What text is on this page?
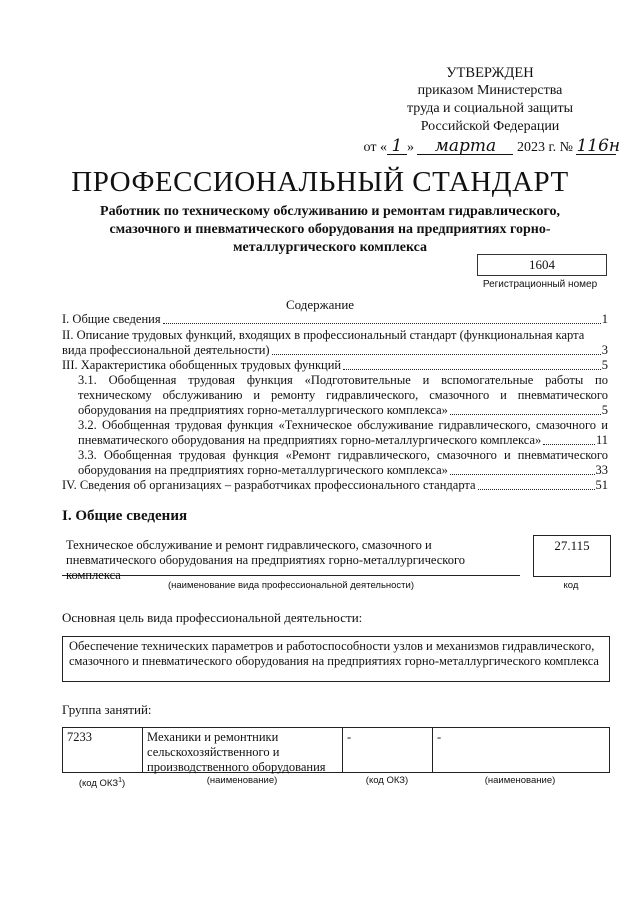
УТВЕРЖДЕН
приказом Министерства
труда и социальной защиты
Российской Федерации
от « 1 » марта 2023 г. № 116н
ПРОФЕССИОНАЛЬНЫЙ СТАНДАРТ
Работник по техническому обслуживанию и ремонтам гидравлического,
смазочного и пневматического оборудования на предприятиях горно-
металлургического комплекса
1604
Регистрационный номер
Содержание
I. Общие сведения	1
II. Описание трудовых функций, входящих в профессиональный стандарт (функциональная карта
вида профессиональной деятельности)	3
III. Характеристика обобщенных трудовых функций	5
3.1. Обобщенная трудовая функция «Подготовительные и вспомогательные работы по техническому обслуживанию и ремонту гидравлического, смазочного и пневматического
оборудования на предприятиях горно-металлургического комплекса»	5
3.2. Обобщенная трудовая функция «Техническое обслуживание гидравлического, смазочного и
пневматического оборудования на предприятиях горно-металлургического комплекса»	11
3.3. Обобщенная трудовая функция «Ремонт гидравлического, смазочного и пневматического
оборудования на предприятиях горно-металлургического комплекса»	33
IV. Сведения об организациях – разработчиках профессионального стандарта	51
I. Общие сведения
Техническое обслуживание и ремонт гидравлического, смазочного и пневматического оборудования на предприятиях горно-металлургического комплекса
27.115
(наименование вида профессиональной деятельности)	код
Основная цель вида профессиональной деятельности:
Обеспечение технических параметров и работоспособности узлов и механизмов гидравлического, смазочного и пневматического оборудования на предприятиях горно-металлургического комплекса
Группа занятий:
7233	Механики и ремонтники сельскохозяйственного и производственного оборудования
-	-
(код ОКЗ$^1$)	(наименование)	(код ОКЗ)	(наименование)
